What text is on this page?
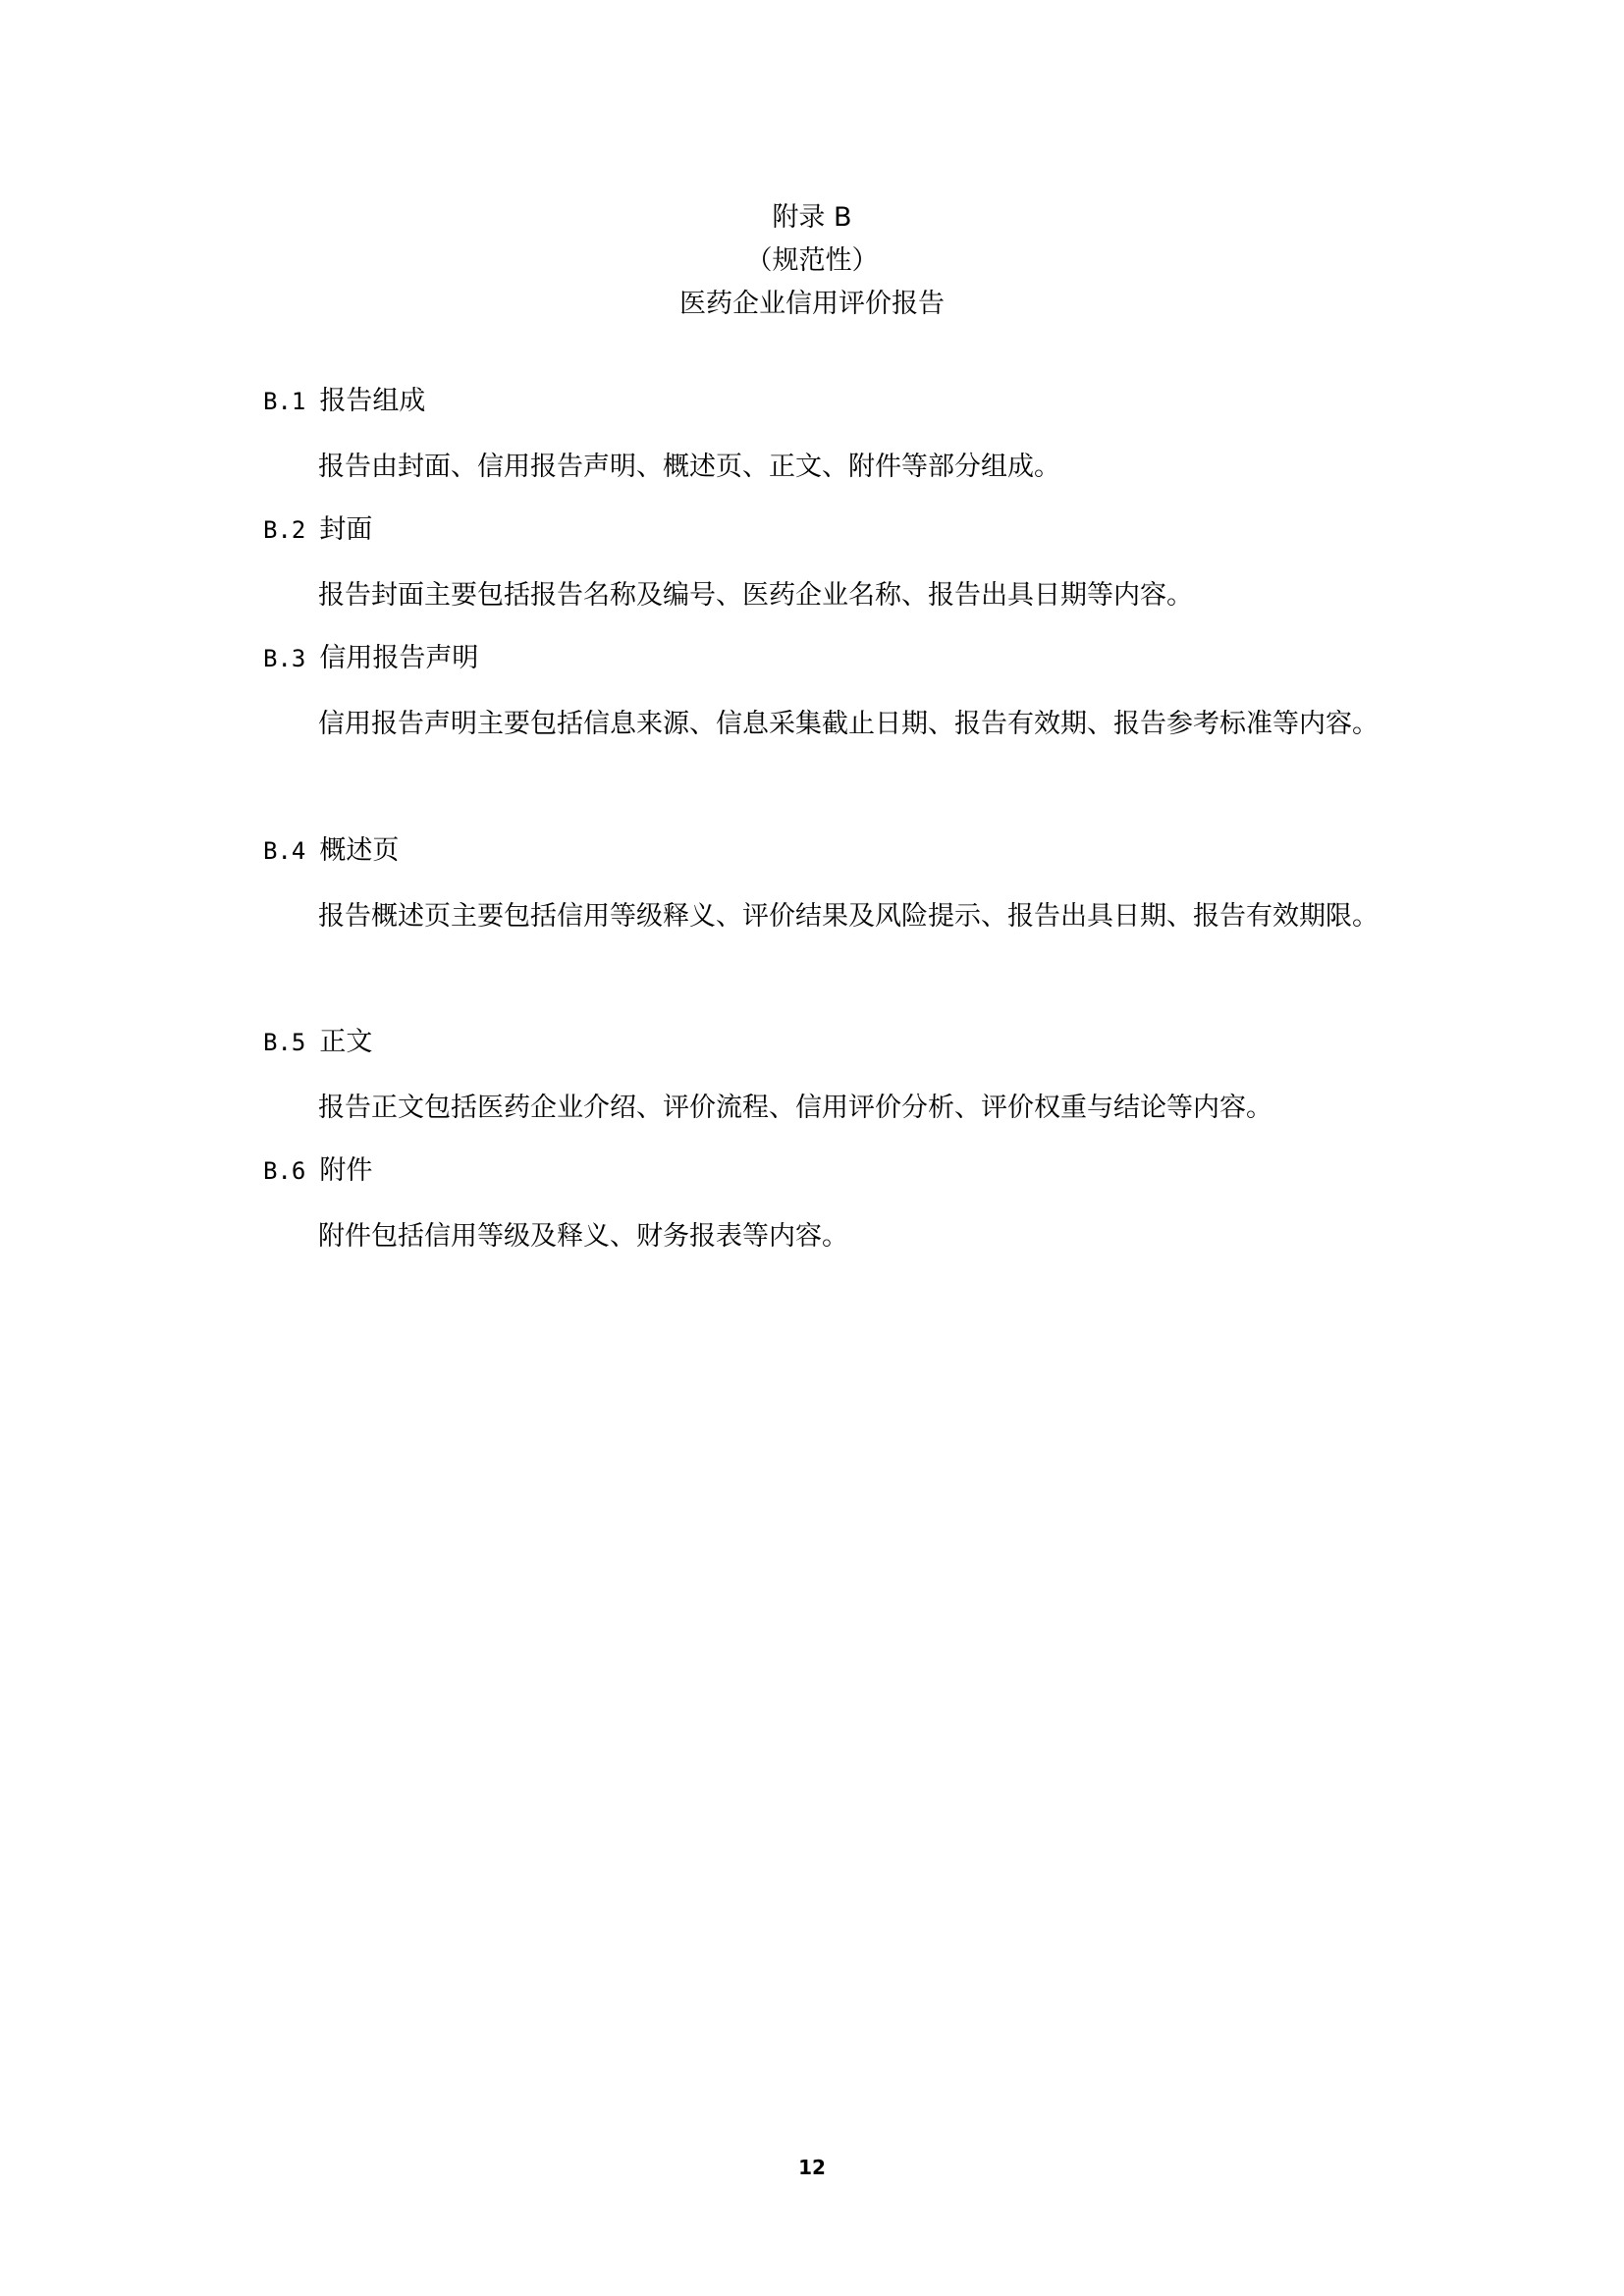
附录 B
（规范性）
医药企业信用评价报告
B.1 报告组成
报告由封面、信用报告声明、概述页、正文、附件等部分组成。
B.2 封面
报告封面主要包括报告名称及编号、医药企业名称、报告出具日期等内容。
B.3 信用报告声明
信用报告声明主要包括信息来源、信息采集截止日期、报告有效期、报告参考标准等内容。
B.4 概述页
报告概述页主要包括信用等级释义、评价结果及风险提示、报告出具日期、报告有效期限。
B.5 正文
报告正文包括医药企业介绍、评价流程、信用评价分析、评价权重与结论等内容。
B.6 附件
附件包括信用等级及释义、财务报表等内容。
12
